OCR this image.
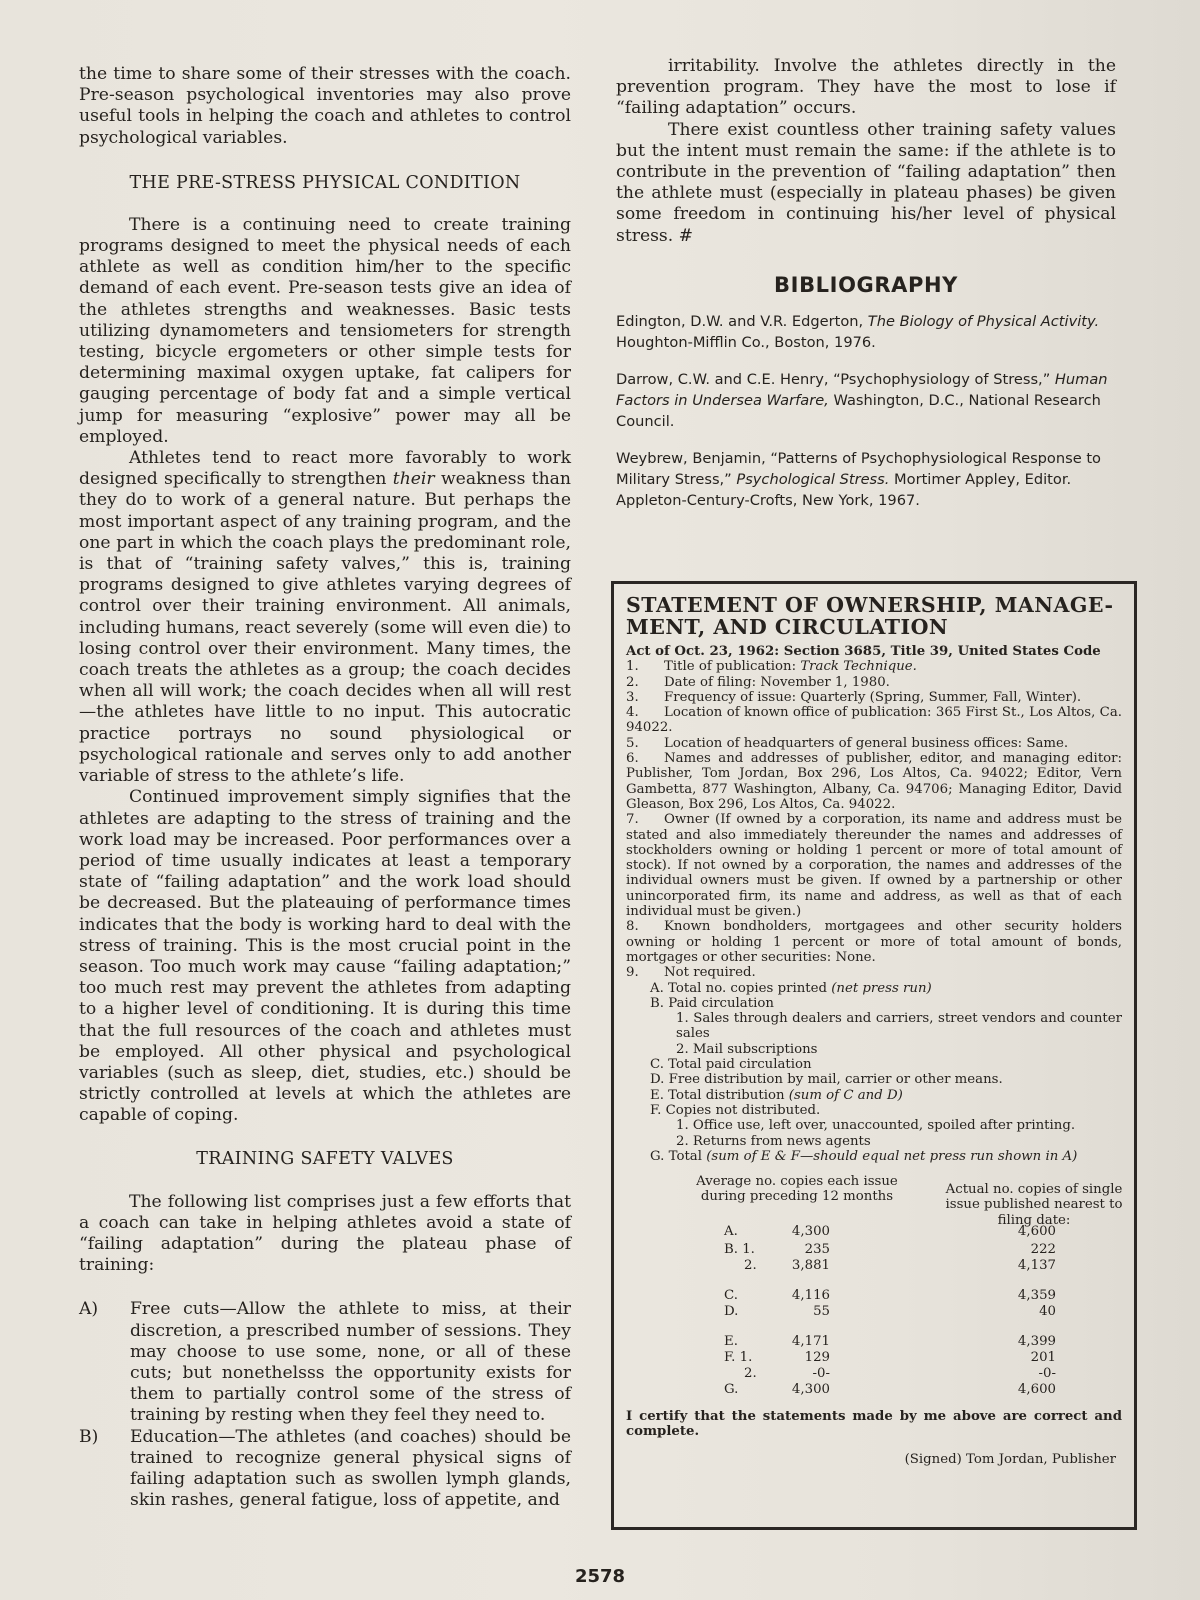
the time to share some of their stresses with the coach. Pre-season psychological inventories may also prove useful tools in helping the coach and athletes to control psychological variables.

THE PRE-STRESS PHYSICAL CONDITION

There is a continuing need to create training programs designed to meet the physical needs of each athlete as well as condition him/her to the specific demand of each event. Pre-season tests give an idea of the athletes strengths and weaknesses. Basic tests utilizing dynamometers and tensiometers for strength testing, bicycle ergometers or other simple tests for determining maximal oxygen uptake, fat calipers for gauging percentage of body fat and a simple vertical jump for measuring “explosive” power may all be employed.

Athletes tend to react more favorably to work designed specifically to strengthen their weakness than they do to work of a general nature. But perhaps the most important aspect of any training program, and the one part in which the coach plays the predominant role, is that of “training safety valves,” this is, training programs designed to give athletes varying degrees of control over their training environment. All animals, including humans, react severely (some will even die) to losing control over their environment. Many times, the coach treats the athletes as a group; the coach decides when all will work; the coach decides when all will rest—the athletes have little to no input. This autocratic practice portrays no sound physiological or psychological rationale and serves only to add another variable of stress to the athlete’s life.

Continued improvement simply signifies that the athletes are adapting to the stress of training and the work load may be increased. Poor performances over a period of time usually indicates at least a temporary state of “failing adaptation” and the work load should be decreased. But the plateauing of performance times indicates that the body is working hard to deal with the stress of training. This is the most crucial point in the season. Too much work may cause “failing adaptation;” too much rest may prevent the athletes from adapting to a higher level of conditioning. It is during this time that the full resources of the coach and athletes must be employed. All other physical and psychological variables (such as sleep, diet, studies, etc.) should be strictly controlled at levels at which the athletes are capable of coping.

TRAINING SAFETY VALVES

The following list comprises just a few efforts that a coach can take in helping athletes avoid a state of “failing adaptation” during the plateau phase of training:

A)	Free cuts—Allow the athlete to miss, at their discretion, a prescribed number of sessions. They may choose to use some, none, or all of these cuts; but nonethelsss the opportunity exists for them to partially control some of the stress of training by resting when they feel they need to.

B)	Education—The athletes (and coaches) should be trained to recognize general physical signs of failing adaptation such as swollen lymph glands, skin rashes, general fatigue, loss of appetite, and

irritability. Involve the athletes directly in the prevention program. They have the most to lose if “failing adaptation” occurs.

There exist countless other training safety values but the intent must remain the same: if the athlete is to contribute in the prevention of “failing adaptation” then the athlete must (especially in plateau phases) be given some freedom in continuing his/her level of physical stress. #

BIBLIOGRAPHY

Edington, D.W. and V.R. Edgerton, The Biology of Physical Activity. Houghton-Mifflin Co., Boston, 1976.

Darrow, C.W. and C.E. Henry, “Psychophysiology of Stress,” Human Factors in Undersea Warfare, Washington, D.C., National Research Council.

Weybrew, Benjamin, “Patterns of Psychophysiological Response to Military Stress,” Psychological Stress. Mortimer Appley, Editor. Appleton-Century-Crofts, New York, 1967.

STATEMENT OF OWNERSHIP, MANAGE-MENT, AND CIRCULATION

Act of Oct. 23, 1962: Section 3685, Title 39, United States Code

1. Title of publication: Track Technique.

2. Date of filing: November 1, 1980.

3. Frequency of issue: Quarterly (Spring, Summer, Fall, Winter).

4. Location of known office of publication: 365 First St., Los Altos, Ca. 94022.

5. Location of headquarters of general business offices: Same.

6. Names and addresses of publisher, editor, and managing editor: Publisher, Tom Jordan, Box 296, Los Altos, Ca. 94022; Editor, Vern Gambetta, 877 Washington, Albany, Ca. 94706; Managing Editor, David Gleason, Box 296, Los Altos, Ca. 94022.

7. Owner (If owned by a corporation, its name and address must be stated and also immediately thereunder the names and addresses of stockholders owning or holding 1 percent or more of total amount of stock). If not owned by a corporation, the names and addresses of the individual owners must be given. If owned by a partnership or other unincorporated firm, its name and address, as well as that of each individual must be given.)

8. Known bondholders, mortgagees and other security holders owning or holding 1 percent or more of total amount of bonds, mortgages or other securities: None.

9. Not required.

A. Total no. copies printed (net press run)

B. Paid circulation

1. Sales through dealers and carriers, street vendors and counter sales

2. Mail subscriptions

C. Total paid circulation

D. Free distribution by mail, carrier or other means.

E. Total distribution (sum of C and D)

F. Copies not distributed.

1. Office use, left over, unaccounted, spoiled after printing.

2. Returns from news agents

G. Total (sum of E & F—should equal net press run shown in A)

Average no. copies each issue during preceding 12 months	Actual no. copies of single issue published nearest to filing date:
A.	4,300	4,600
B. 1.	235	222
2.	3,881	4,137
C.	4,116	4,359
D.	55	40
E.	4,171	4,399
F. 1.	129	201
2.	-0-	-0-
G.	4,300	4,600

I certify that the statements made by me above are correct and complete.

(Signed) Tom Jordan, Publisher
2578
